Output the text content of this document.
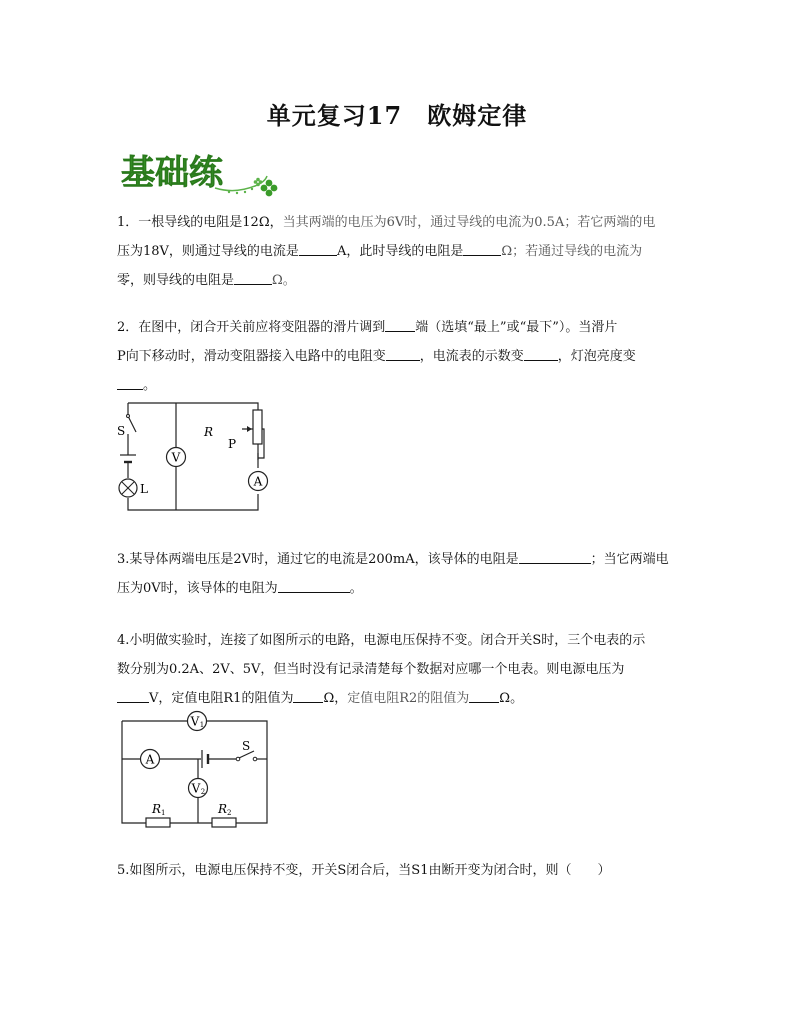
单元复习17　欧姆定律
基础练

1．一根导线的电阻是12Ω，当其两端的电压为6V时，通过导线的电流为0.5A；若它两端的电

压为18V，则通过导线的电流是	A，此时导线的电阻是	Ω；若通过导线的电流为

零，则导线的电阻是	Ω。

2．在图中，闭合开关前应将变阻器的滑片调到 端（选填“最上”或“最下”）。当滑片

P向下移动时，滑动变阻器接入电路中的电阻变	，电流表的示数变	，灯泡亮度变

。

V
A
S
L
R
P

3.某导体两端电压是2V时，通过它的电流是200mA，该导体的电阻是	；当它两端电

压为0V时，该导体的电阻为	。

4.小明做实验时，连接了如图所示的电路，电源电压保持不变。闭合开关S时，三个电表的示

数分别为0.2A、2V、5V，但当时没有记录清楚每个数据对应哪一个电表。则电源电压为

V，定值电阻R1的阻值为 Ω，定值电阻R2的阻值为 Ω。

V 1
A
V 2
S
R 1	R 2

5.如图所示，电源电压保持不变，开关S闭合后，当S1由断开变为闭合时，则（　　）
